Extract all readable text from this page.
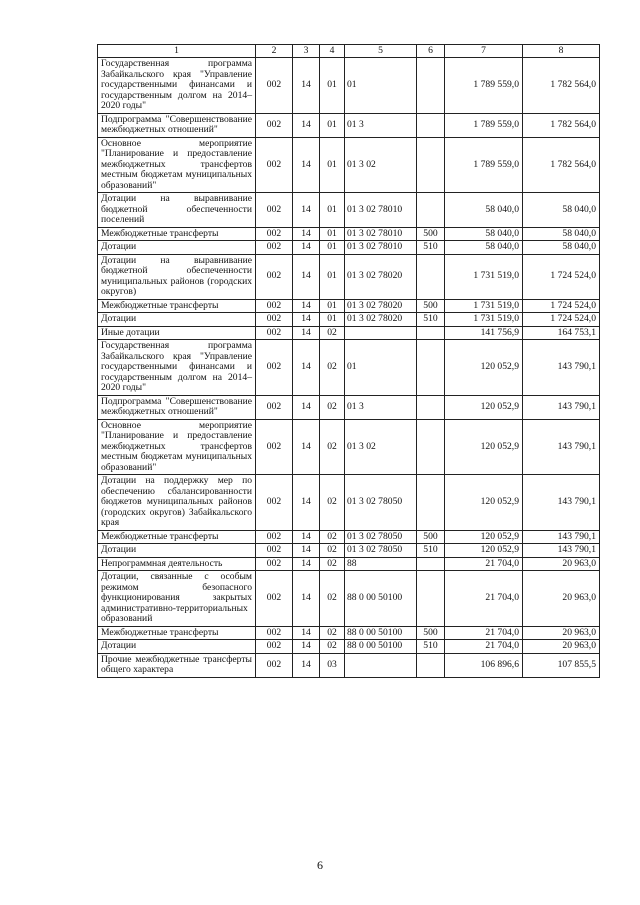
1	2	3	4	5	6	7	8
Государственная программа Забайкальского края "Управление государственными финансами и государственным долгом на 2014–2020 годы"	002	14	01	01		1 789 559,0	1 782 564,0
Подпрограмма "Совершенствование межбюджетных отношений"	002	14	01	01 3		1 789 559,0	1 782 564,0
Основное мероприятие "Планирование и предоставление межбюджетных трансфертов местным бюджетам муниципальных образований"	002	14	01	01 3 02		1 789 559,0	1 782 564,0
Дотации на выравнивание бюджетной обеспеченности поселений	002	14	01	01 3 02 78010		58 040,0	58 040,0
Межбюджетные трансферты	002	14	01	01 3 02 78010	500	58 040,0	58 040,0
Дотации	002	14	01	01 3 02 78010	510	58 040,0	58 040,0
Дотации на выравнивание бюджетной обеспеченности муниципальных районов (городских округов)	002	14	01	01 3 02 78020		1 731 519,0	1 724 524,0
Межбюджетные трансферты	002	14	01	01 3 02 78020	500	1 731 519,0	1 724 524,0
Дотации	002	14	01	01 3 02 78020	510	1 731 519,0	1 724 524,0
Иные дотации	002	14	02			141 756,9	164 753,1
Государственная программа Забайкальского края "Управление государственными финансами и государственным долгом на 2014–2020 годы"	002	14	02	01		120 052,9	143 790,1
Подпрограмма "Совершенствование межбюджетных отношений"	002	14	02	01 3		120 052,9	143 790,1
Основное мероприятие "Планирование и предоставление межбюджетных трансфертов местным бюджетам муниципальных образований"	002	14	02	01 3 02		120 052,9	143 790,1
Дотации на поддержку мер по обеспечению сбалансированности бюджетов муниципальных районов (городских округов) Забайкальского края	002	14	02	01 3 02 78050		120 052,9	143 790,1
Межбюджетные трансферты	002	14	02	01 3 02 78050	500	120 052,9	143 790,1
Дотации	002	14	02	01 3 02 78050	510	120 052,9	143 790,1
Непрограммная деятельность	002	14	02	88		21 704,0	20 963,0
Дотации, связанные с особым режимом безопасного функционирования закрытых административно-территориальных образований	002	14	02	88 0 00 50100		21 704,0	20 963,0
Межбюджетные трансферты	002	14	02	88 0 00 50100	500	21 704,0	20 963,0
Дотации	002	14	02	88 0 00 50100	510	21 704,0	20 963,0
Прочие межбюджетные трансферты общего характера	002	14	03			106 896,6	107 855,5
6
